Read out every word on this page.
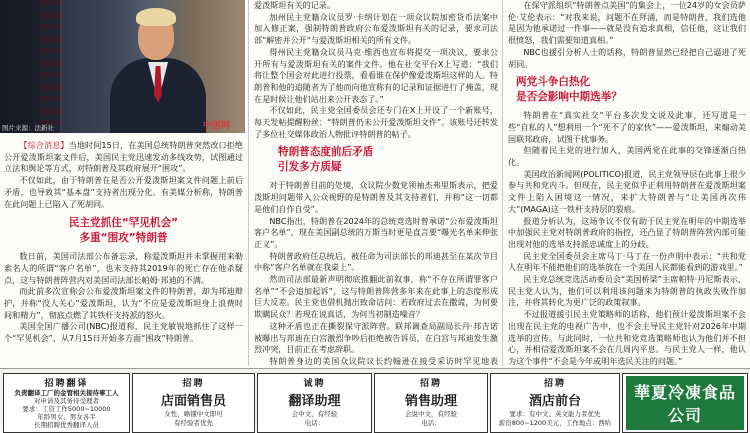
图片来源：法新社	中国网

【综合消息】当地时间15日，在美国总统特朗普突然改口拒绝公开爱泼斯坦案文件后，美国民主党迅速发动多线攻势，试图通过立法和舆论等方式，对特朗普及其政府展开“围攻”。

不仅如此，由于特朗普在是否公开爱泼斯坦案文件问题上前后矛盾，也导致其“基本盘”支持者出现分化。有美媒分析称，特朗普在此问题上已陷入了死胡同。

民主党抓住“罕见机会”
多重“围攻”特朗普

数日前，美国司法部公布备忘录，称爱泼斯坦并未掌握用来勒索名人的所谓“客户名单”，也未支持其2019年的死亡存在他杀疑点，这与特朗普阵营内对美国司法部长帕姆·邦迪的不满。

而此前多次宣称会公布爱泼斯坦案文件的特朗普，却为邦迪辩护，并称“没人关心”爱泼斯坦，认为“不应是爱泼斯坦身上浪费时间和精力”，彻底点燃了其铁杆支持派的怒火。

美国全国广播公司(NBC)报道称，民主党敏锐地抓住了这样一个“罕见机会”，从7月15日开始多方面“围攻”特朗普。

爱泼斯坦有关的记录。

加州民主党籍众议员罗·卡纳计划在一项众议院加密货币法案中加入修正案，强制特朗普政府公布爱泼斯坦有关的记录，要求司法部“解密并公开”与爱泼斯坦相关的所有文件。

得州民主党籍众议员马克·维西也宣布将提交一项决议，要求公开所有与爱泼斯坦有关的案件文件。他在社交平台X上写道：“我们将让整个国会对此进行投票，看看谁在保护像爱泼斯坦这样的人。特朗普和他的追随者为了他而向他宣称有的记录和证据进行了掩盖，现在是时候让他们站出来公开表态了。”

不仅如此，民主党全国委员会还专门在X上开设了一个新账号，每天发帖提醒粉丝：“特朗普仍未公开爱泼斯坦文件”。该账号还转发了多位社交媒体政治人物批评特朗普的帖子。

特朗普态度前后矛盾
引发多方质疑

对于特朗普目前的处境，众议院少数党领袖杰弗里斯表示，把爱泼斯坦问题带入公众视野的是特朗普及其支持者们，并称“这一切都是他们自作自受”。

NBC指出，特朗普在2024年的总统竞选时曾承诺“公布爱泼斯坦客户名单”，现在美国副总统的万斯当时更是直言要“曝光名单来伸张正义”。

特朗普政府任总统后，被任命为司法部长的邦迪甚至在某次节目中称“客户名单就在我桌上”。

然而司法部最新声明彻底推翻此前叙事，称“不存在所谓罪客户名单”“不会追加起诉”，这与特朗普阵营多年来在此事上的态度形成巨大反差。民主党也借机抛出致命诘问：若政府过去在撒谎，为何要欺瞒民众？若现在说真话，为何当初制造噪音？

这种矛盾也正在撕裂保守派阵营。联邦调查局副局长丹·邦吉诺被曝出与邦迪在白宫激烈争吵后拒绝被告诉员，在白宫与邦迪发生激烈冲突，目前正在考虑辞职。

特朗普身边的美国众议院议长约翰逊在接受采访时罕见地表

在保守派组织“特朗普点美国”的集会上，一位24岁的女会员萨伦·艾伦表示：“对我来说，问题不在拜涌，而是特朗普，我们选他是因为他承诺过一件事——就是没有追求真相，信任他，这让我们很愤怒，我们需要知道真相。”

NBC也援引分析人士的话称，特朗普显然已经把自己逼进了死胡同。

两党斗争白热化
是否会影响中期选举？

特朗普在“真实社交”平台多次发文说及此事，还写道是一些“自私的人”想利用一个“死不了的家伙”——爱泼斯坦，来煽动美国联邦政府，试图干扰事务。

但随着民主党的进行加入，美国两党在此事的交锋逐渐白热化。

美国政治新闻网(POLITICO)报道，民主党领导层在此事上很少参与共和党内斗。但现在，民主党似乎正利用特朗普在爱泼斯坦案文件上陷入困境这一情况，来扩大特朗普与“让美国再次伟大”(MAGA)这一铁杆支持层的裂痕。

报道分析认为，这场争议不仅有助于民主党在明年的中期选举中加强民主党对特朗普政府的指控，还凸显了特朗普阵营内部可能出现对他的选举支持派忠诚度上的分歧。

民主党全国委员会主席马丁·马丁在一份声明中表示：“共和党人在明年不能把他们的选举放在一个美国人民都能看到的游戏里。”

民主党总统竞选活动委员会“美国桥梁”主席帕特·丹尼斯表示，民主党人认为，他们可以利用该问题来为特朗普的执政失败作加注，并将其转化为更广泛的政策叙事。

不过报道援引民主党策略师的话称，他们预计爱泼斯坦案不会出现在民主党的电视广告中，也不会主导民主党针对2026年中期选举的宣传。与此同时，一位共和党竞选策略师也认为他们并不担心，并相信爱泼斯坦案不会在几周内平息。与民主党人一样，他认为这个事件“不会是今年或明年选民关注的问题。”

招聘翻译
负责翻译工厂的金管相关接待事工人
对申请及其务待受理者
要求：工资工作5000~10000
年龄男女，男女各半
长期招聘优秀翻译人员
招聘
店面销售员
女性，略懂中文即可
有经验者优先
诚聘
翻译助理
会中文，有经验
电话：
招聘
销售助理
会说中文，有经验
电话：
招聘
酒店前台
要求：有中文、英文能力者优先
薪资800~1200美元，工作地点：西哈
華夏冷凍食品公司
